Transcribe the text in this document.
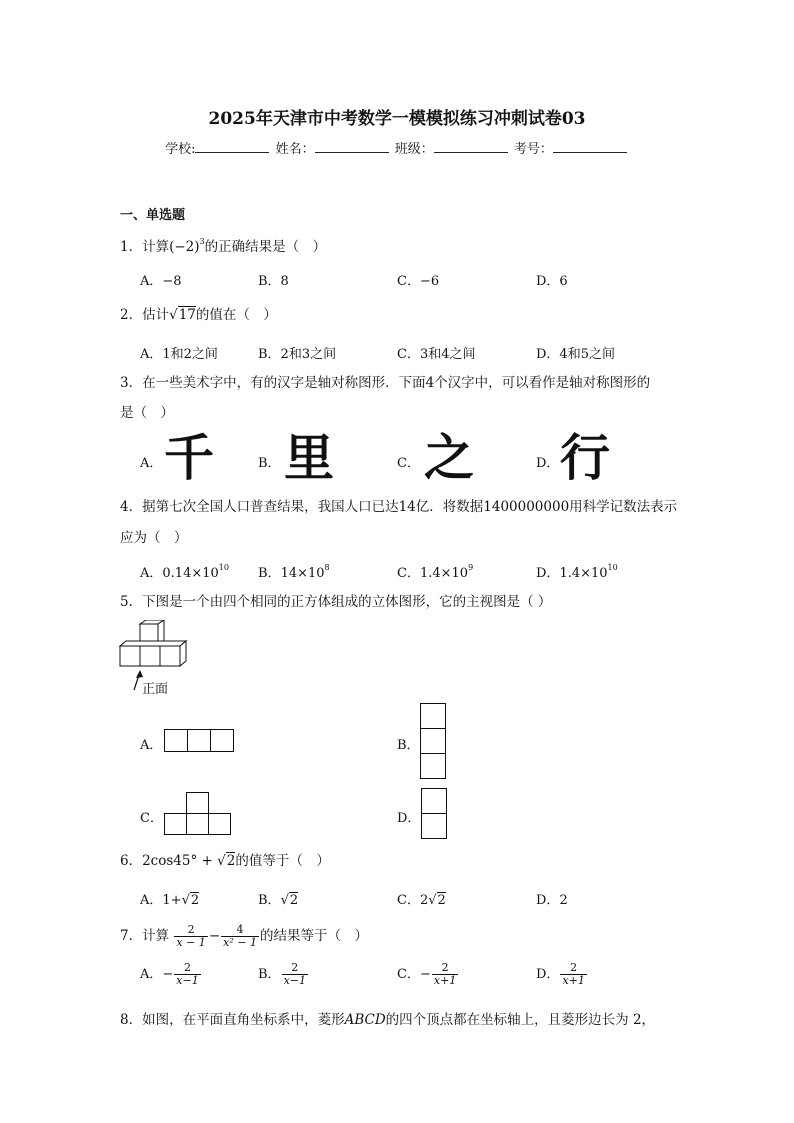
2025年天津市中考数学一模模拟练习冲刺试卷03
学校:	姓名：	班级：	考号：
一、单选题
1．计算$(-2)^3$的正确结果是（　）
A．−8	B．8	C．−6	D．6
2．估计√17的值在（　）
A．1和2之间	B．2和3之间	C．3和4之间	D．4和5之间
3．在一些美术字中，有的汉字是轴对称图形．下面4个汉字中，可以看作是轴对称图形的
是（　）
A． 千	B． 里	C． 之	D． 行
4．据第七次全国人口普查结果，我国人口已达14亿．将数据1400000000用科学记数法表示
应为（　）
A．$0.14\times 10^{10}$ B．$14\times 10^8$	C．$1.4\times 10^9$	D．$1.4\times 10^{10}$
5．下图是一个由四个相同的正方体组成的立体图形，它的主视图是（ ）
正面
A．	B．
C．	D．
6．2cos45° + √2的值等于（　）
A．1+√2	B．√2	C．2√2	D．2
7．计算 $\frac{2}{x - 1} - \frac{4}{\text{x² − 1}}$ 的结果等于（　）
A．− $\frac{2}{x-1}$	B． $\frac{2}{x-1}$	C．− $\frac{2}{x+1}$	D． $\frac{2}{x+1}$
8．如图，在平面直角坐标系中，菱形ABCD的四个顶点都在坐标轴上，且菱形边长为 2，
